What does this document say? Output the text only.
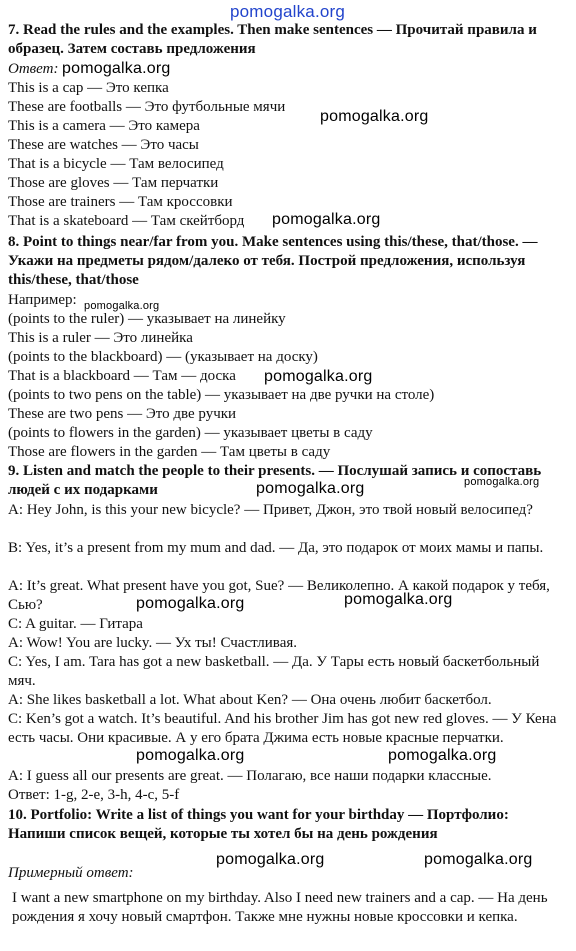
pomogalka.org
7. Read the rules and the examples. Then make sentences — Прочитай правила и образец. Затем составь предложения
Ответ: pomogalka.org
This is a cap — Это кепка
These are footballs — Это футбольные мячи
pomogalka.org
This is a camera — Это камера
These are watches — Это часы
That is a bicycle — Там велосипед
Those are gloves — Там перчатки
Those are trainers — Там кроссовки
That is a skateboard — Там скейтборд pomogalka.org
8. Point to things near/far from you. Make sentences using this/these, that/those. — Укажи на предметы рядом/далеко от тебя. Построй предложения, используя this/these, that/those
Например: pomogalka.org
(points to the ruler) — указывает на линейку
This is a ruler — Это линейка
(points to the blackboard) — (указывает на доску)
That is a blackboard — Там — доска pomogalka.org
(points to two pens on the table) — указывает на две ручки на столе)
These are two pens — Это две ручки
(points to flowers in the garden) — указывает цветы в саду
Those are flowers in the garden — Там цветы в саду
9. Listen and match the people to their presents. — Послушай запись и сопоставь людей с их подарками	pomogalka.org	pomogalka.org
A: Hey John, is this your new bicycle? — Привет, Джон, это твой новый велосипед?
B: Yes, it’s a present from my mum and dad. — Да, это подарок от моих мамы и папы.
A: It’s great. What present have you got, Sue? — Великолепно. А какой подарок у тебя, Сью?	pomogalka.org	pomogalka.org
C: A guitar. — Гитара
A: Wow! You are lucky. — Ух ты! Счастливая.
C: Yes, I am. Tara has got a new basketball. — Да. У Тары есть новый баскетбольный мяч.
A: She likes basketball a lot. What about Ken? — Она очень любит баскетбол.
C: Ken’s got a watch. It’s beautiful. And his brother Jim has got new red gloves. — У Кена есть часы. Они красивые. А у его брата Джима есть новые красные перчатки.
pomogalka.org	pomogalka.org
A: I guess all our presents are great. — Полагаю, все наши подарки классные.
Ответ: 1-g, 2-e, 3-h, 4-c, 5-f
10. Portfolio: Write a list of things you want for your birthday — Портфолио: Напиши список вещей, которые ты хотел бы на день рождения
pomogalka.org	pomogalka.org
Примерный ответ:
I want a new smartphone on my birthday. Also I need new trainers and a cap. — На день рождения я хочу новый смартфон. Также мне нужны новые кроссовки и кепка.
